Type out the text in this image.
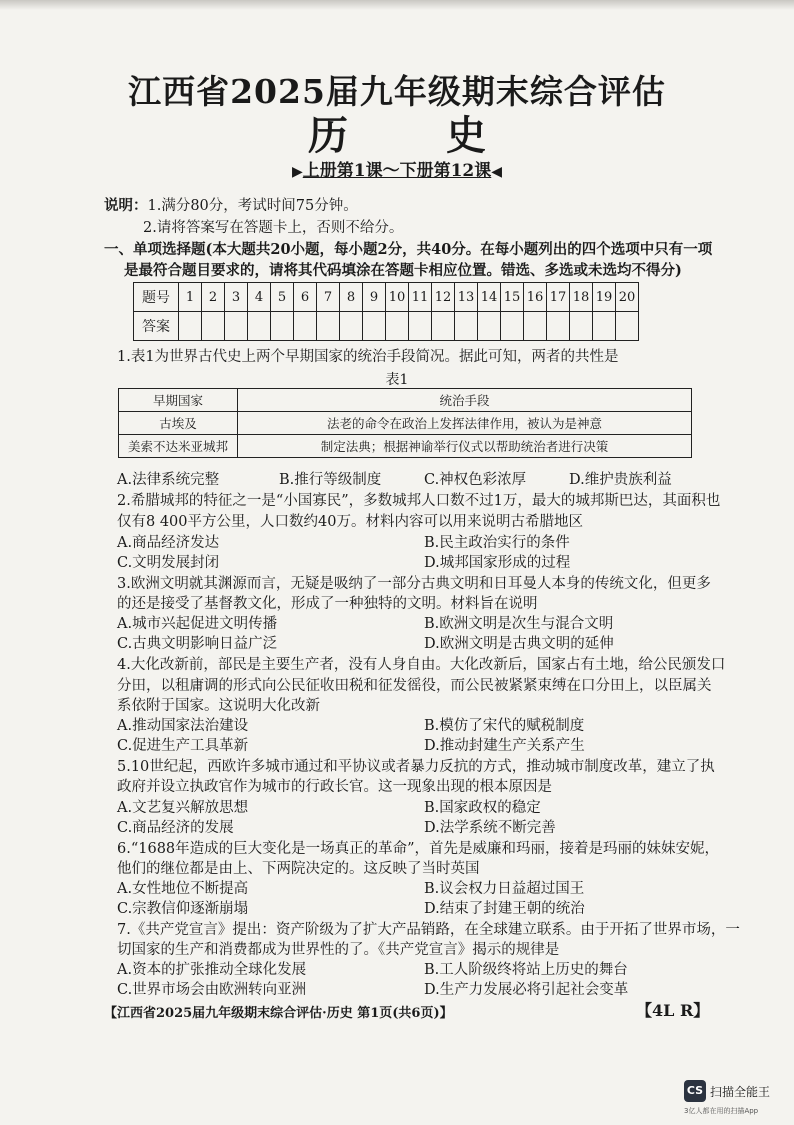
江西省2025届九年级期末综合评估
历 史
▶上册第1课～下册第12课◀
说明：1.满分80分，考试时间75分钟。
2.请将答案写在答题卡上，否则不给分。
一、单项选择题(本大题共20小题，每小题2分，共40分。在每小题列出的四个选项中只有一项
是最符合题目要求的，请将其代码填涂在答题卡相应位置。错选、多选或未选均不得分)
题号	1	2	3	4	5	6	7	8	9	10	11	12	13	14	15	16	17	18	19	20
答案																				
1.表1为世界古代史上两个早期国家的统治手段简况。据此可知，两者的共性是
表1
早期国家	统治手段
古埃及	法老的命令在政治上发挥法律作用，被认为是神意
美索不达米亚城邦	制定法典；根据神谕举行仪式以帮助统治者进行决策
A.法律系统完整	B.推行等级制度	C.神权色彩浓厚	D.维护贵族利益
2.希腊城邦的特征之一是“小国寡民”，多数城邦人口数不过1万，最大的城邦斯巴达，其面积也
仅有8 400平方公里，人口数约40万。材料内容可以用来说明古希腊地区
A.商品经济发达	B.民主政治实行的条件
C.文明发展封闭	D.城邦国家形成的过程
3.欧洲文明就其渊源而言，无疑是吸纳了一部分古典文明和日耳曼人本身的传统文化，但更多
的还是接受了基督教文化，形成了一种独特的文明。材料旨在说明
A.城市兴起促进文明传播	B.欧洲文明是次生与混合文明
C.古典文明影响日益广泛	D.欧洲文明是古典文明的延伸
4.大化改新前，部民是主要生产者，没有人身自由。大化改新后，国家占有土地，给公民颁发口
分田，以租庸调的形式向公民征收田税和征发徭役，而公民被紧紧束缚在口分田上，以臣属关
系依附于国家。这说明大化改新
A.推动国家法治建设	B.模仿了宋代的赋税制度
C.促进生产工具革新	D.推动封建生产关系产生
5.10世纪起，西欧许多城市通过和平协议或者暴力反抗的方式，推动城市制度改革，建立了执
政府并设立执政官作为城市的行政长官。这一现象出现的根本原因是
A.文艺复兴解放思想	B.国家政权的稳定
C.商品经济的发展	D.法学系统不断完善
6.“1688年造成的巨大变化是一场真正的革命”，首先是威廉和玛丽，接着是玛丽的妹妹安妮，
他们的继位都是由上、下两院决定的。这反映了当时英国
A.女性地位不断提高	B.议会权力日益超过国王
C.宗教信仰逐渐崩塌	D.结束了封建王朝的统治
7.《共产党宣言》提出：资产阶级为了扩大产品销路，在全球建立联系。由于开拓了世界市场，一
切国家的生产和消费都成为世界性的了。《共产党宣言》揭示的规律是
A.资本的扩张推动全球化发展	B.工人阶级终将站上历史的舞台
C.世界市场会由欧洲转向亚洲	D.生产力发展必将引起社会变革
【江西省2025届九年级期末综合评估·历史 第1页(共6页)】	【4L R】
CS 扫描全能王
3亿人都在用的扫描App
